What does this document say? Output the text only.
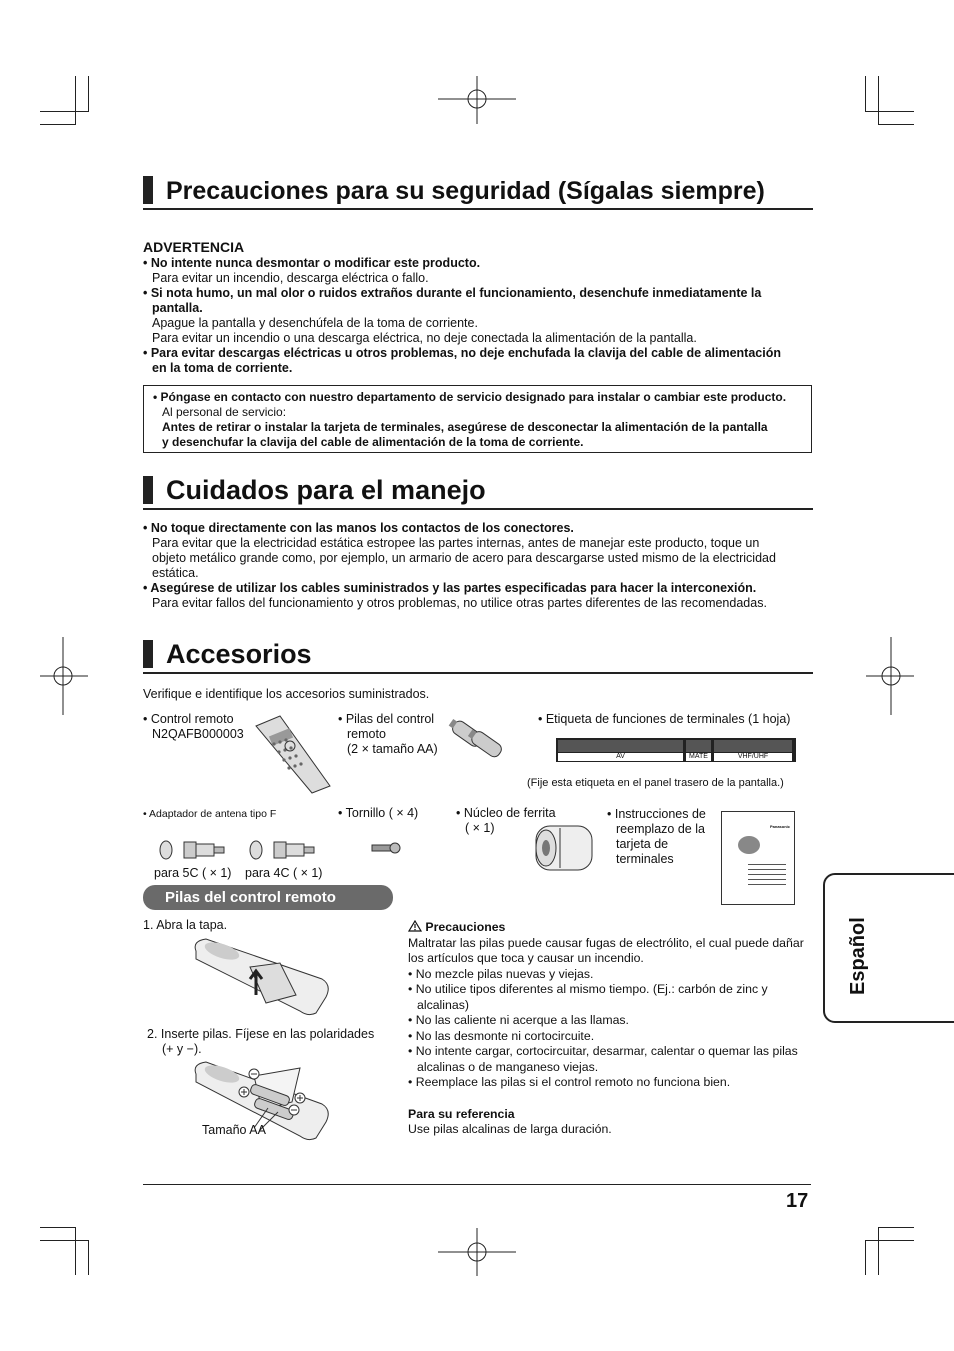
Precauciones para su seguridad (Sígalas siempre)
ADVERTENCIA
• No intente nunca desmontar o modificar este producto.
Para evitar un incendio, descarga eléctrica o fallo.
• Si nota humo, un mal olor o ruidos extraños durante el funcionamiento, desenchufe inmediatamente la
pantalla.
Apague la pantalla y desenchúfela de la toma de corriente.
Para evitar un incendio o una descarga eléctrica, no deje conectada la alimentación de la pantalla.
• Para evitar descargas eléctricas u otros problemas, no deje enchufada la clavija del cable de alimentación
en la toma de corriente.
• Póngase en contacto con nuestro departamento de servicio designado para instalar o cambiar este producto.
Al personal de servicio:
Antes de retirar o instalar la tarjeta de terminales, asegúrese de desconectar la alimentación de la pantalla
y desenchufar la clavija del cable de alimentación de la toma de corriente.
Cuidados para el manejo
• No toque directamente con las manos los contactos de los conectores.
Para evitar que la electricidad estática estropee las partes internas, antes de manejar este producto, toque un
objeto metálico grande como, por ejemplo, un armario de acero para descargarse usted mismo de la electricidad
estática.
• Asegúrese de utilizar los cables suministrados y las partes especificadas para hacer la interconexión.
Para evitar fallos del funcionamiento y otros problemas, no utilice otras partes diferentes de las recomendadas.
Accesorios
Verifique e identifique los accesorios suministrados.
• Control remoto
N2QAFB000003
• Pilas del control
remoto
(2 × tamaño AA)
• Etiqueta de funciones de terminales (1 hoja)
AV	MATE	VHF/UHF
(Fije esta etiqueta en el panel trasero de la pantalla.)
• Adaptador de antena tipo F
para 5C ( × 1) para 4C ( × 1)
• Tornillo ( × 4)	• Núcleo de ferrita
( × 1)
• Instrucciones de
reemplazo de la
tarjeta de
terminales
Panasonic
Pilas del control remoto
1. Abra la tapa.
2. Inserte pilas. Fíjese en las polaridades
(+ y −).
Tamaño AA
Precauciones
Maltratar las pilas puede causar fugas de electrólito, el cual puede dañar
los artículos que toca y causar un incendio.
• No mezcle pilas nuevas y viejas.
• No utilice tipos diferentes al mismo tiempo. (Ej.: carbón de zinc y
alcalinas)
• No las caliente ni acerque a las llamas.
• No las desmonte ni cortocircuite.
• No intente cargar, cortocircuitar, desarmar, calentar o quemar las pilas
alcalinas o de manganeso viejas.
• Reemplace las pilas si el control remoto no funciona bien.
Para su referencia
Use pilas alcalinas de larga duración.
Español
17
